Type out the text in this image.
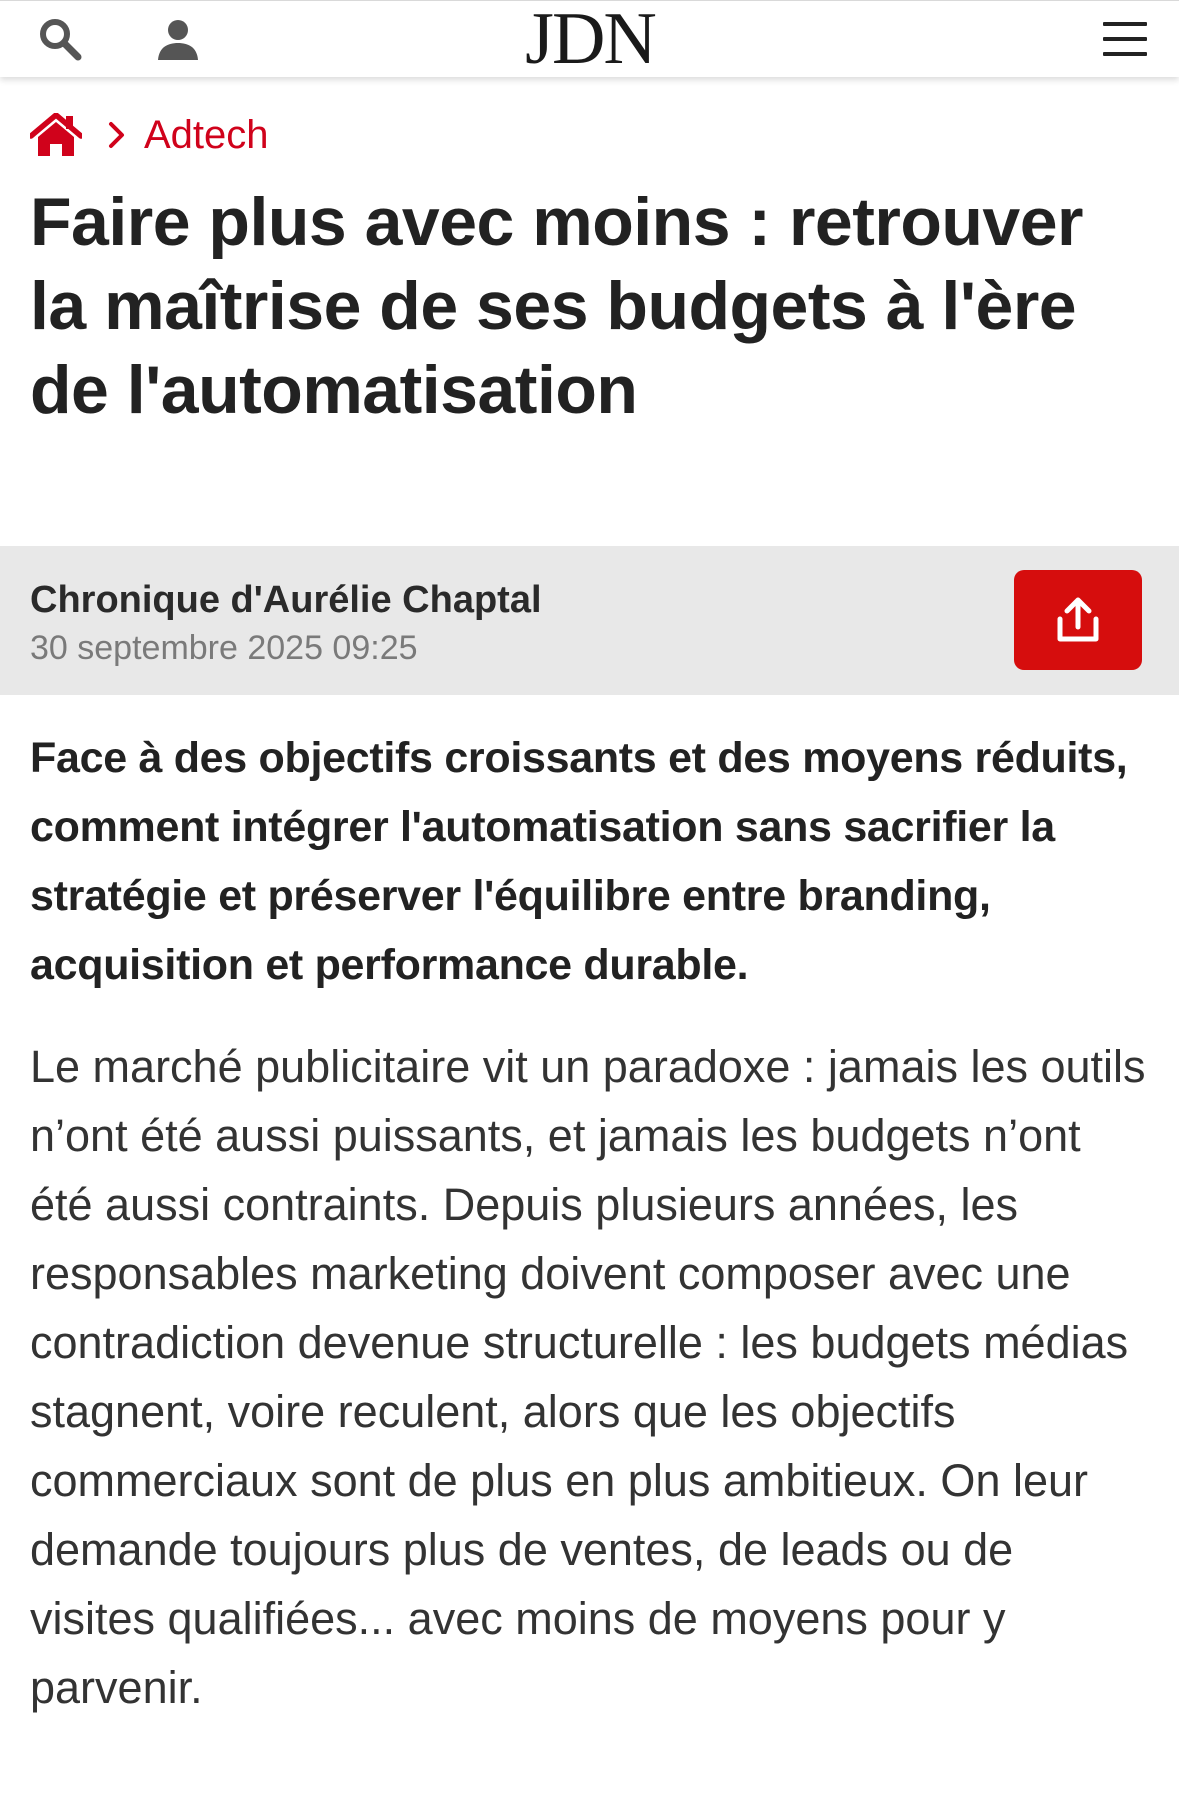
JDN
Adtech
Faire plus avec moins : retrouver la maîtrise de ses budgets à l'ère de l'automatisation
Chronique d'Aurélie Chaptal
30 septembre 2025 09:25

Face à des objectifs croissants et des moyens réduits, comment intégrer l'automatisation sans sacrifier la stratégie et préserver l'équilibre entre branding, acquisition et performance durable.

Le marché publicitaire vit un paradoxe : jamais les outils n’ont été aussi puissants, et jamais les budgets n’ont été aussi contraints. Depuis plusieurs années, les responsables marketing doivent composer avec une contradiction devenue structurelle : les budgets médias stagnent, voire reculent, alors que les objectifs commerciaux sont de plus en plus ambitieux. On leur demande toujours plus de ventes, de leads ou de visites qualifiées... avec moins de moyens pour y parvenir.
